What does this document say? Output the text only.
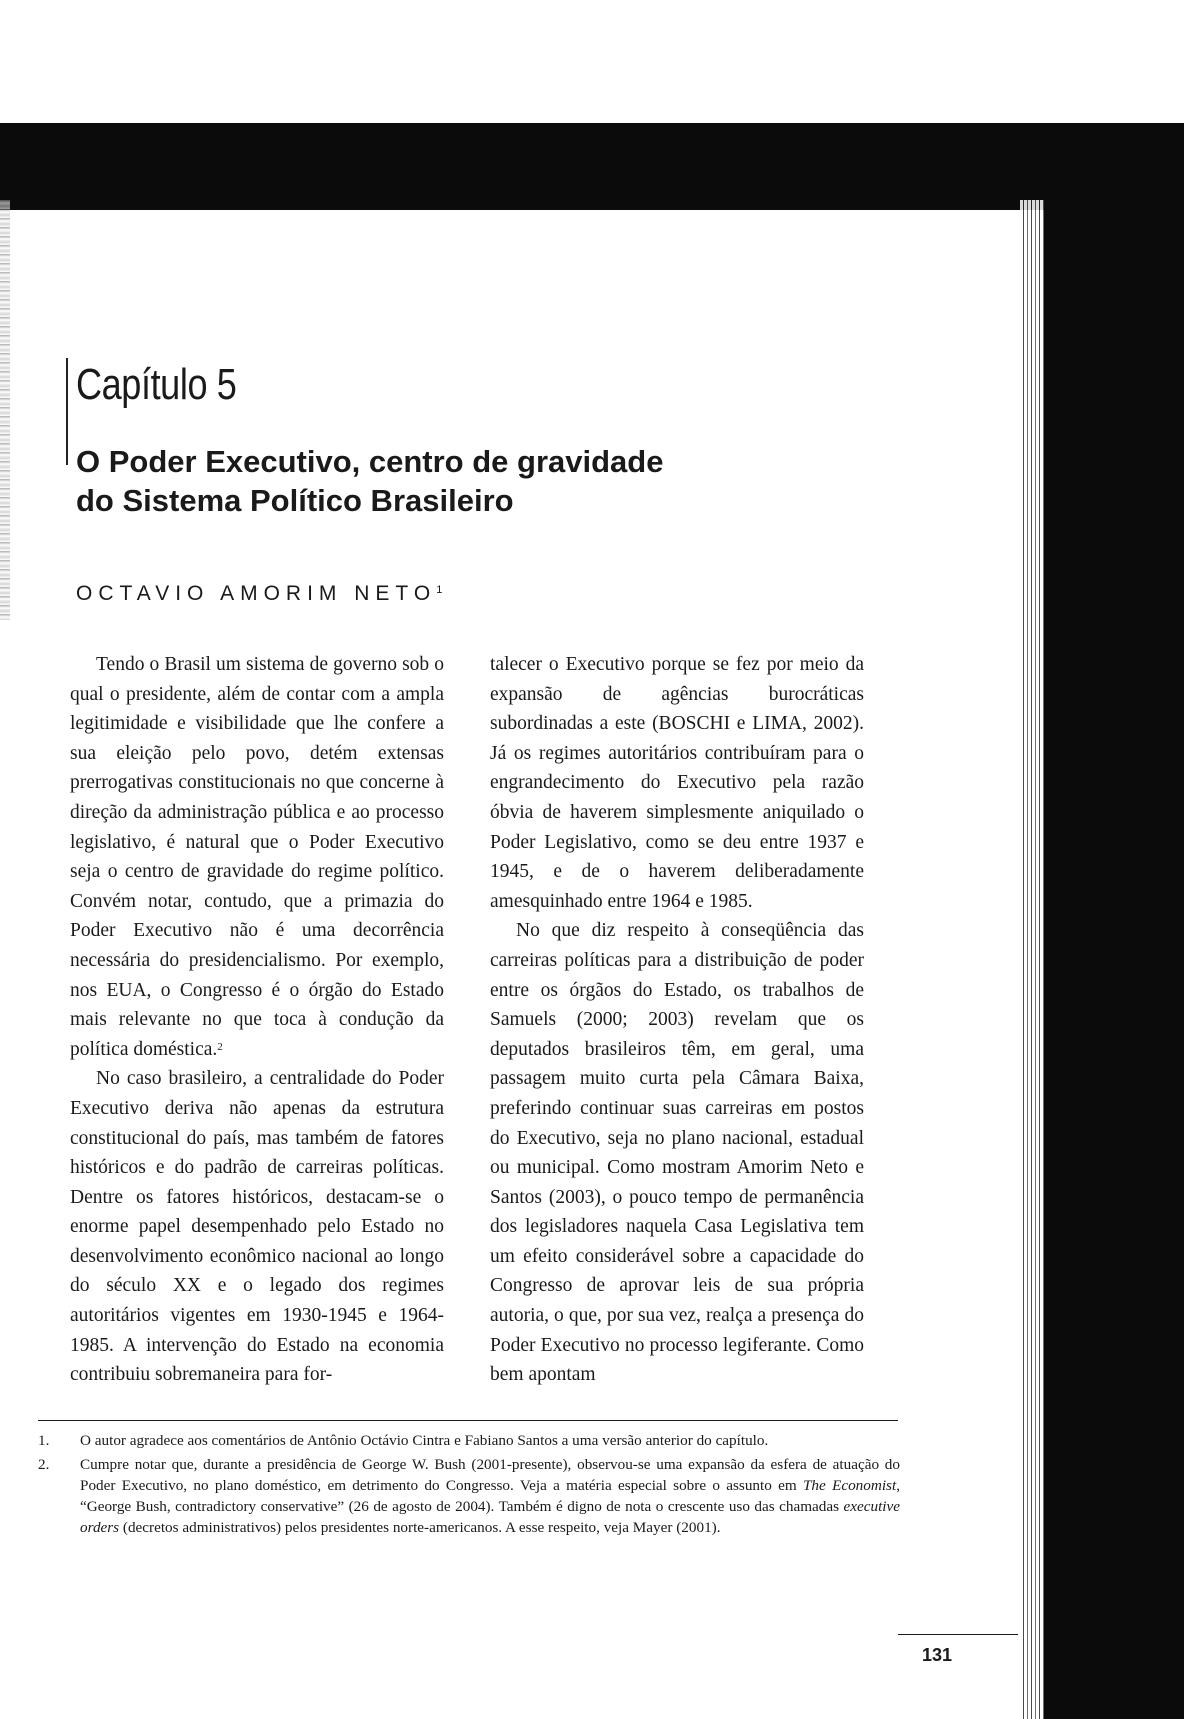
Capítulo 5
O Poder Executivo, centro de gravidade
do Sistema Político Brasileiro
OCTAVIO AMORIM NETO$^1$

Tendo o Brasil um sistema de governo sob o qual o presidente, além de contar com a ampla legitimidade e visibilidade que lhe confere a sua eleição pelo povo, detém extensas prerrogativas constitucionais no que concerne à direção da administração pública e ao processo legislativo, é natural que o Poder Executivo seja o centro de gravidade do regime político. Convém notar, contudo, que a primazia do Poder Executivo não é uma decorrência necessária do presidencialismo. Por exemplo, nos EUA, o Congresso é o órgão do Estado mais relevante no que toca à condução da política doméstica.$^2$

No caso brasileiro, a centralidade do Poder Executivo deriva não apenas da estrutura constitucional do país, mas também de fatores históricos e do padrão de carreiras políticas. Dentre os fatores históricos, destacam-se o enorme papel desempenhado pelo Estado no desenvolvimento econômico nacional ao longo do século XX e o legado dos regimes autoritários vigentes em 1930-1945 e 1964-1985. A intervenção do Estado na economia contribuiu sobremaneira para for-

talecer o Executivo porque se fez por meio da expansão de agências burocráticas subordinadas a este (BOSCHI e LIMA, 2002). Já os regimes autoritários contribuíram para o engrandecimento do Executivo pela razão óbvia de haverem simplesmente aniquilado o Poder Legislativo, como se deu entre 1937 e 1945, e de o haverem deliberadamente amesquinhado entre 1964 e 1985.

No que diz respeito à conseqüência das carreiras políticas para a distribuição de poder entre os órgãos do Estado, os trabalhos de Samuels (2000; 2003) revelam que os deputados brasileiros têm, em geral, uma passagem muito curta pela Câmara Baixa, preferindo continuar suas carreiras em postos do Executivo, seja no plano nacional, estadual ou municipal. Como mostram Amorim Neto e Santos (2003), o pouco tempo de permanência dos legisladores naquela Casa Legislativa tem um efeito considerável sobre a capacidade do Congresso de aprovar leis de sua própria autoria, o que, por sua vez, realça a presença do Poder Executivo no processo legiferante. Como bem apontam

1. O autor agradece aos comentários de Antônio Octávio Cintra e Fabiano Santos a uma versão anterior do capítulo.
2. Cumpre notar que, durante a presidência de George W. Bush (2001-presente), observou-se uma expansão da esfera de atuação do Poder Executivo, no plano doméstico, em detrimento do Congresso. Veja a matéria especial sobre o assunto em The Economist, “George Bush, contradictory conservative” (26 de agosto de 2004). Também é digno de nota o crescente uso das chamadas executive orders (decretos administrativos) pelos presidentes norte-americanos. A esse respeito, veja Mayer (2001).
131
